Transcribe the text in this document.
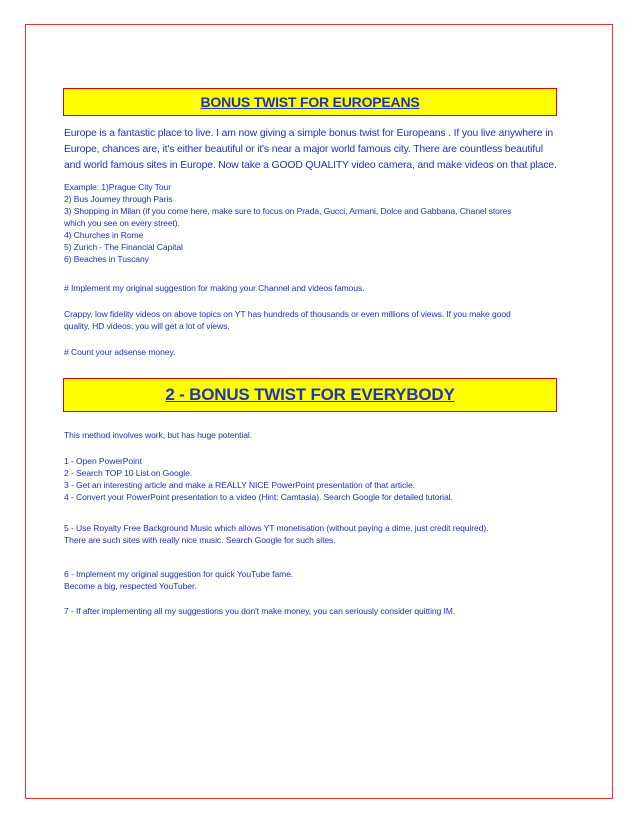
BONUS TWIST FOR EUROPEANS
Europe is a fantastic place to live. I am now giving a simple bonus twist for Europeans . If you live anywhere in
Europe, chances are, it's either beautiful or it's near a major world famous city. There are countless beautiful
and world famous sites in Europe. Now take a GOOD QUALITY video camera, and make videos on that place.
Example: 1)Prague City Tour
2) Bus Journey through Paris
3) Shopping in Milan (if you come here, make sure to focus on Prada, Gucci, Armani, Dolce and Gabbana, Chanel stores
which you see on every street).
4) Churches in Rome
5) Zurich - The Financial Capital
6) Beaches in Tuscany
# Implement my original suggestion for making your Channel and videos famous.
Crappy, low fidelity videos on above topics on YT has hundreds of thousands or even millions of views. If you make good
quality, HD videos, you will get a lot of views.
# Count your adsense money.
2 - BONUS TWIST FOR EVERYBODY
This method involves work, but has huge potential.
1 - Open PowerPoint
2 - Search TOP 10 List on Google.
3 - Get an interesting article and make a REALLY NICE PowerPoint presentation of that article.
4 - Convert your PowerPoint presentation to a video (Hint: Camtasia). Search Google for detailed tutorial.
5 - Use Royalty Free Background Music which allows YT monetisation (without paying a dime, just credit required).
There are such sites with really nice music. Search Google for such sites.
6 - Implement my original suggestion for quick YouTube fame.
Become a big, respected YouTuber.
7 - If after implementing all my suggestions you don't make money, you can seriously consider quitting IM.
